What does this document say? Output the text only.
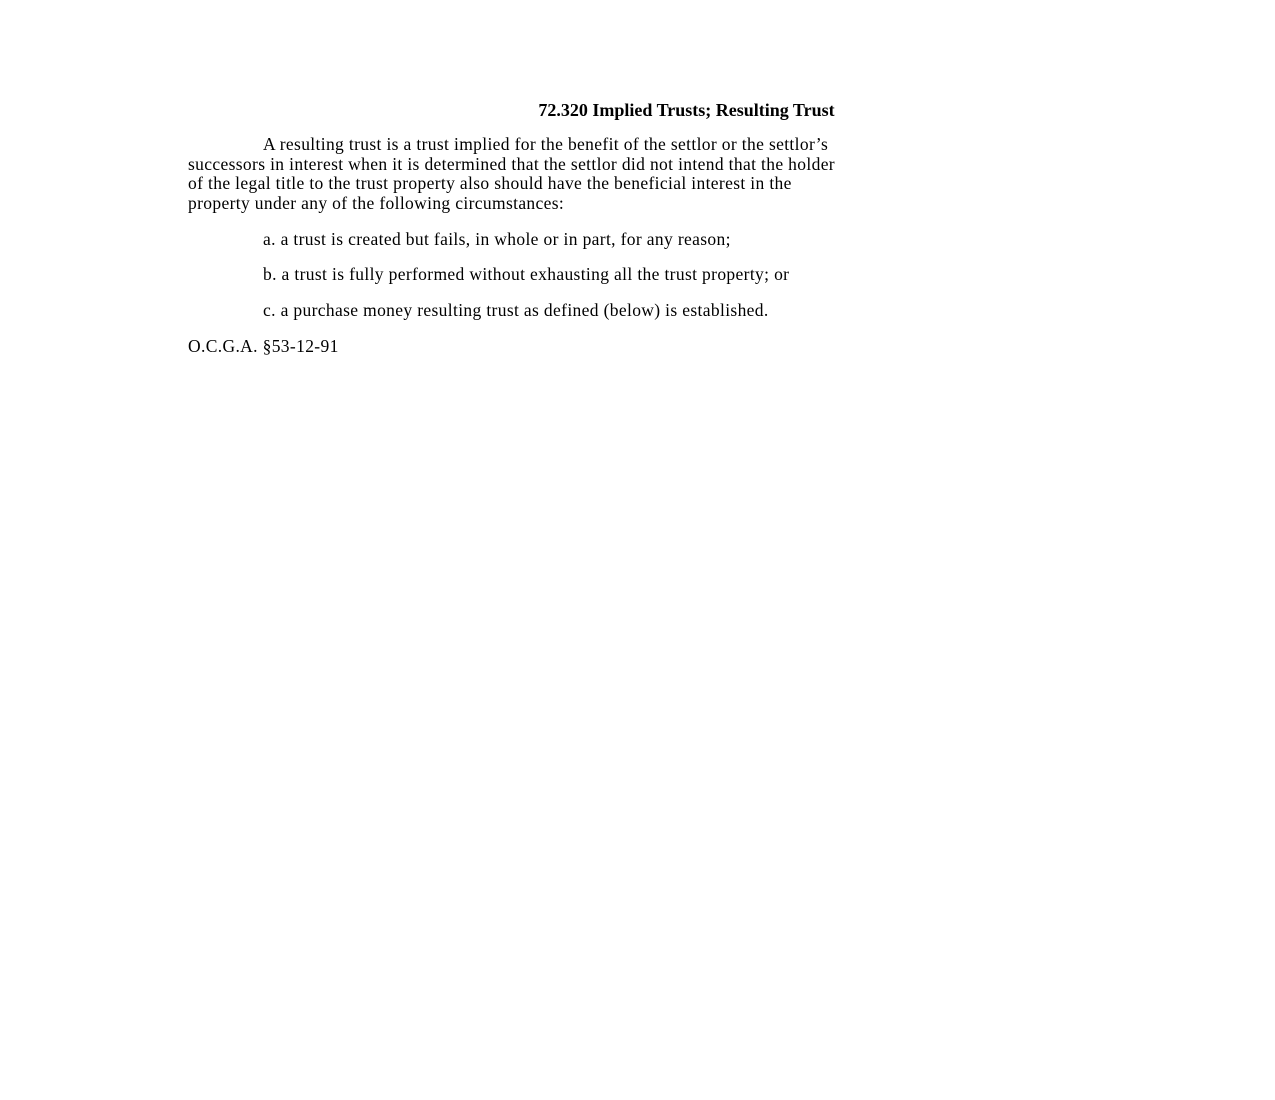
72.320 Implied Trusts; Resulting Trust
A resulting trust is a trust implied for the benefit of the settlor or the settlor’s
successors in interest when it is determined that the settlor did not intend that the holder
of the legal title to the trust property also should have the beneficial interest in the
property under any of the following circumstances:
a. a trust is created but fails, in whole or in part, for any reason;
b. a trust is fully performed without exhausting all the trust property; or
c. a purchase money resulting trust as defined (below) is established.
O.C.G.A. §53-12-91
